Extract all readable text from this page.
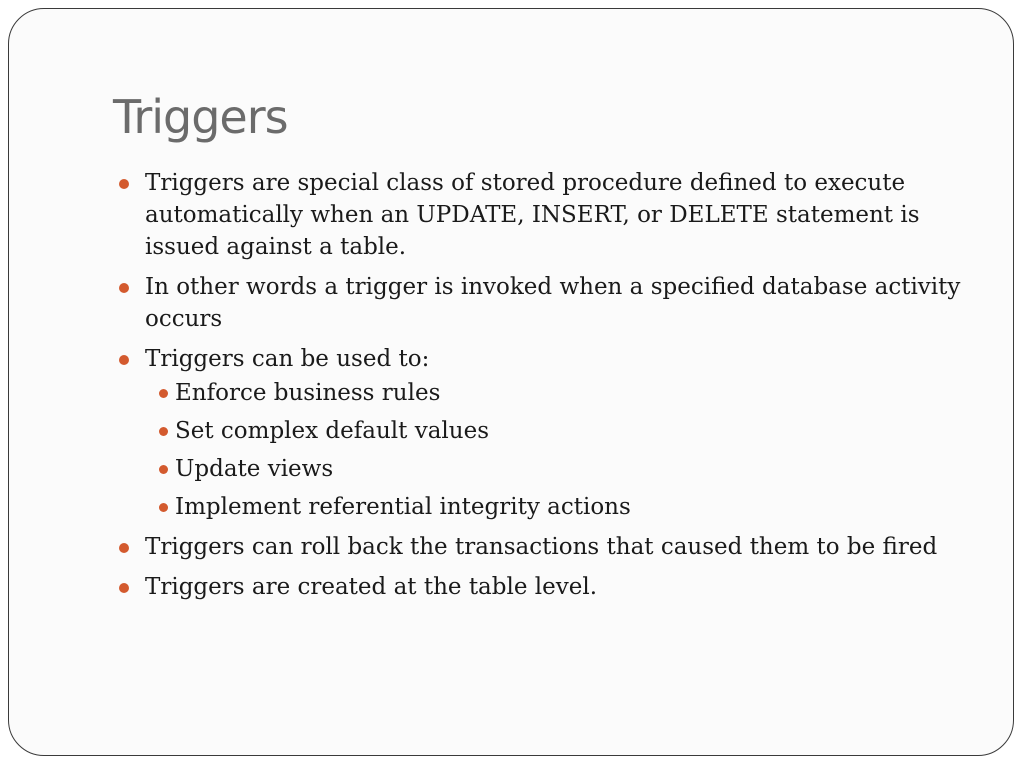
Triggers
Triggers are special class of stored procedure defined to execute automatically when an UPDATE, INSERT, or DELETE statement is issued against a table.
In other words a trigger is invoked when a specified database activity occurs
Triggers can be used to:
Enforce business rules
Set complex default values
Update views
Implement referential integrity actions
Triggers can roll back the transactions that caused them to be fired
Triggers are created at the table level.
